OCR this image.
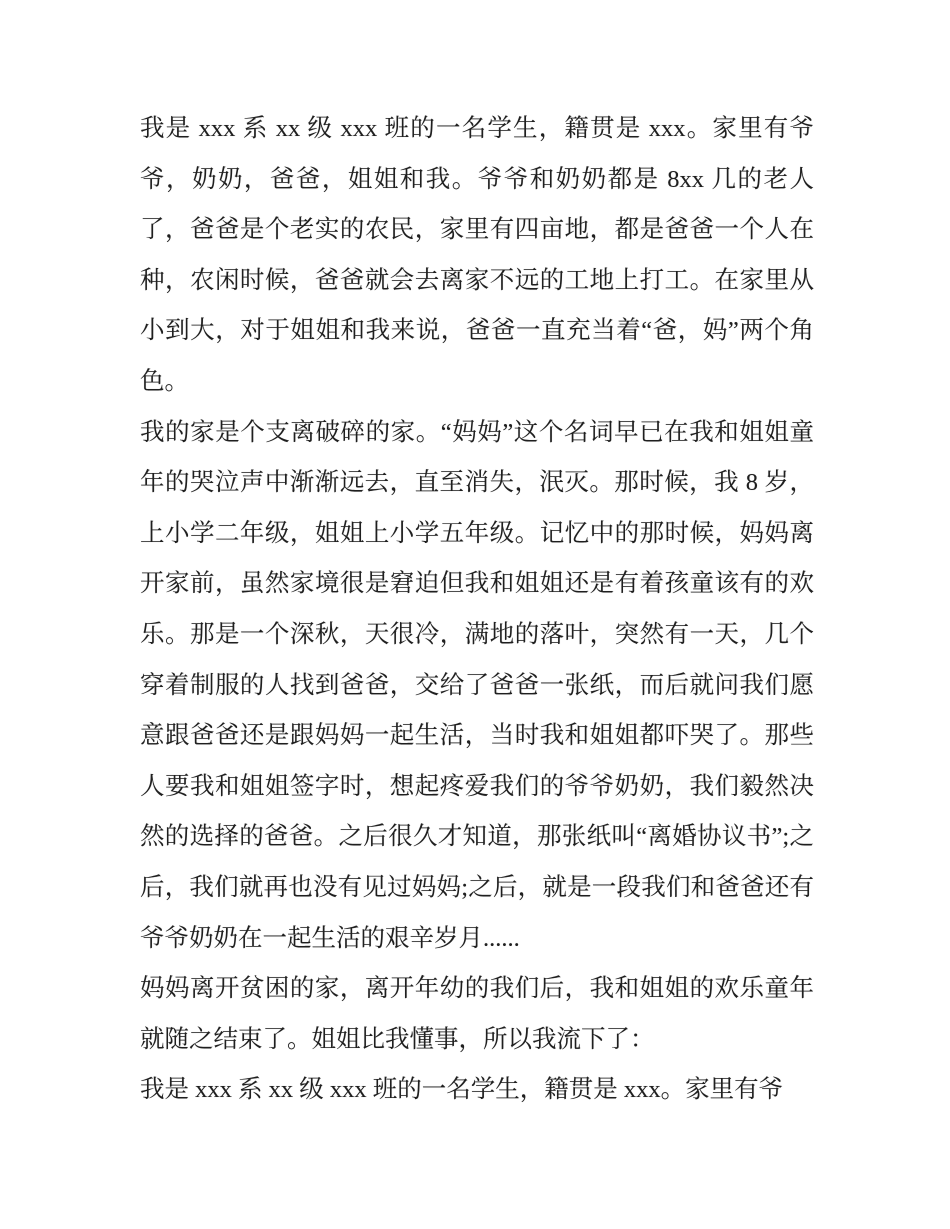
我是 xxx 系 xx 级 xxx 班的一名学生，籍贯是 xxx。家里有爷爷，奶奶，爸爸，姐姐和我。爷爷和奶奶都是 8xx 几的老人了，爸爸是个老实的农民，家里有四亩地，都是爸爸一个人在种，农闲时候，爸爸就会去离家不远的工地上打工。在家里从小到大，对于姐姐和我来说，爸爸一直充当着“爸，妈”两个角色。

我的家是个支离破碎的家。“妈妈”这个名词早已在我和姐姐童年的哭泣声中渐渐远去，直至消失，泯灭。那时候，我 8 岁，上小学二年级，姐姐上小学五年级。记忆中的那时候，妈妈离开家前，虽然家境很是窘迫但我和姐姐还是有着孩童该有的欢乐。那是一个深秋，天很冷，满地的落叶，突然有一天，几个穿着制服的人找到爸爸，交给了爸爸一张纸，而后就问我们愿意跟爸爸还是跟妈妈一起生活，当时我和姐姐都吓哭了。那些人要我和姐姐签字时，想起疼爱我们的爷爷奶奶，我们毅然决然的选择的爸爸。之后很久才知道，那张纸叫“离婚协议书”;之后，我们就再也没有见过妈妈;之后，就是一段我们和爸爸还有爷爷奶奶在一起生活的艰辛岁月......

妈妈离开贫困的家，离开年幼的我们后，我和姐姐的欢乐童年就随之结束了。姐姐比我懂事，所以我流下了：

我是 xxx 系 xx 级 xxx 班的一名学生，籍贯是 xxx。家里有爷
